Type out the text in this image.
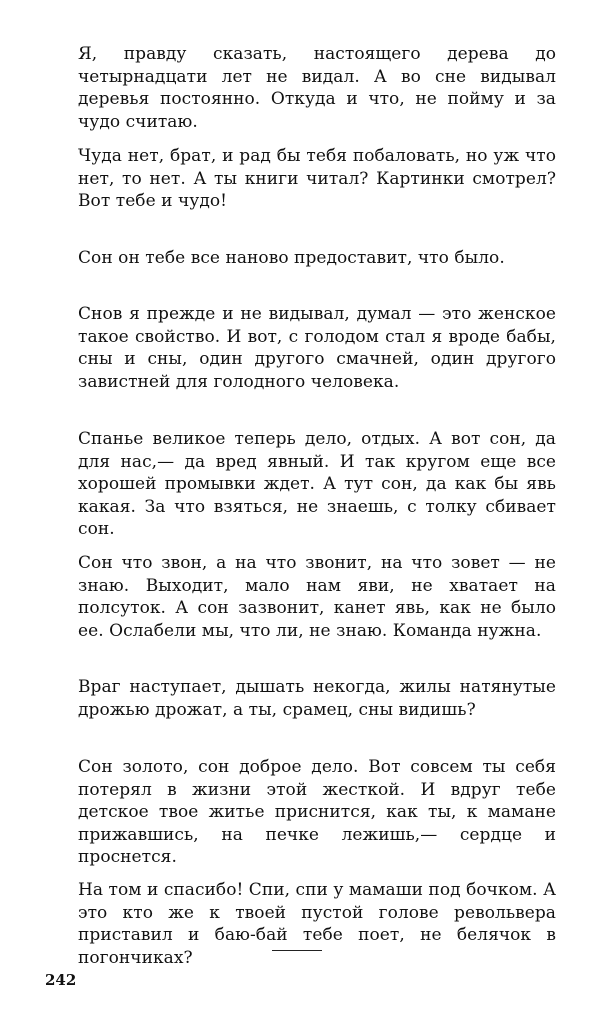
Я, правду сказать, настоящего дерева до четырнадцати лет не видал. А во сне видывал деревья постоянно. Откуда и что, не пойму и за чудо считаю.

Чуда нет, брат, и рад бы тебя побаловать, но уж что нет, то нет. А ты книги читал? Картинки смотрел? Вот тебе и чудо!

Сон он тебе все наново предоставит, что было.

Снов я прежде и не видывал, думал — это женское такое свойство. И вот, с голодом стал я вроде бабы, сны и сны, один другого смачней, один другого завистней для голодного человека.

Спанье великое теперь дело, отдых. А вот сон, да для нас,— да вред явный. И так кругом еще все хорошей промывки ждет. А тут сон, да как бы явь какая. За что взяться, не знаешь, с толку сбивает сон.

Сон что звон, а на что звонит, на что зовет — не знаю. Выходит, мало нам яви, не хватает на полсуток. А сон зазвонит, канет явь, как не было ее. Ослабели мы, что ли, не знаю. Команда нужна.

Враг наступает, дышать некогда, жилы натянутые дрожью дрожат, а ты, срамец, сны видишь?

Сон золото, сон доброе дело. Вот совсем ты себя потерял в жизни этой жесткой. И вдруг тебе детское твое житье приснится, как ты, к мамане прижавшись, на печке лежишь,— сердце и проснется.

На том и спасибо! Спи, спи у мамаши под бочком. А это кто же к твоей пустой голове револьвера приставил и баю-бай тебе поет, не белячок в погончиках?

242
